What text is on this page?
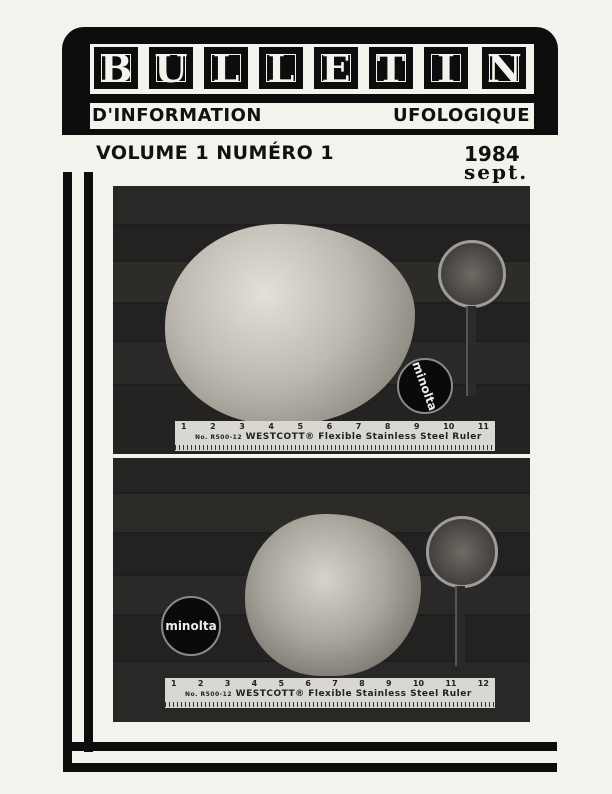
B U L L E T I N
D'INFORMATION	UFOLOGIQUE
VOLUME 1 NUMÉRO 1	1984
sept.
minolta
1	2	3	4	5	6	7	8	9	10	11
No. R500-12 WESTCOTT® Flexible Stainless Steel Ruler
minolta
1	2	3	4	5	6	7	8	9	10	11	12
No. R500-12 WESTCOTT® Flexible Stainless Steel Ruler
